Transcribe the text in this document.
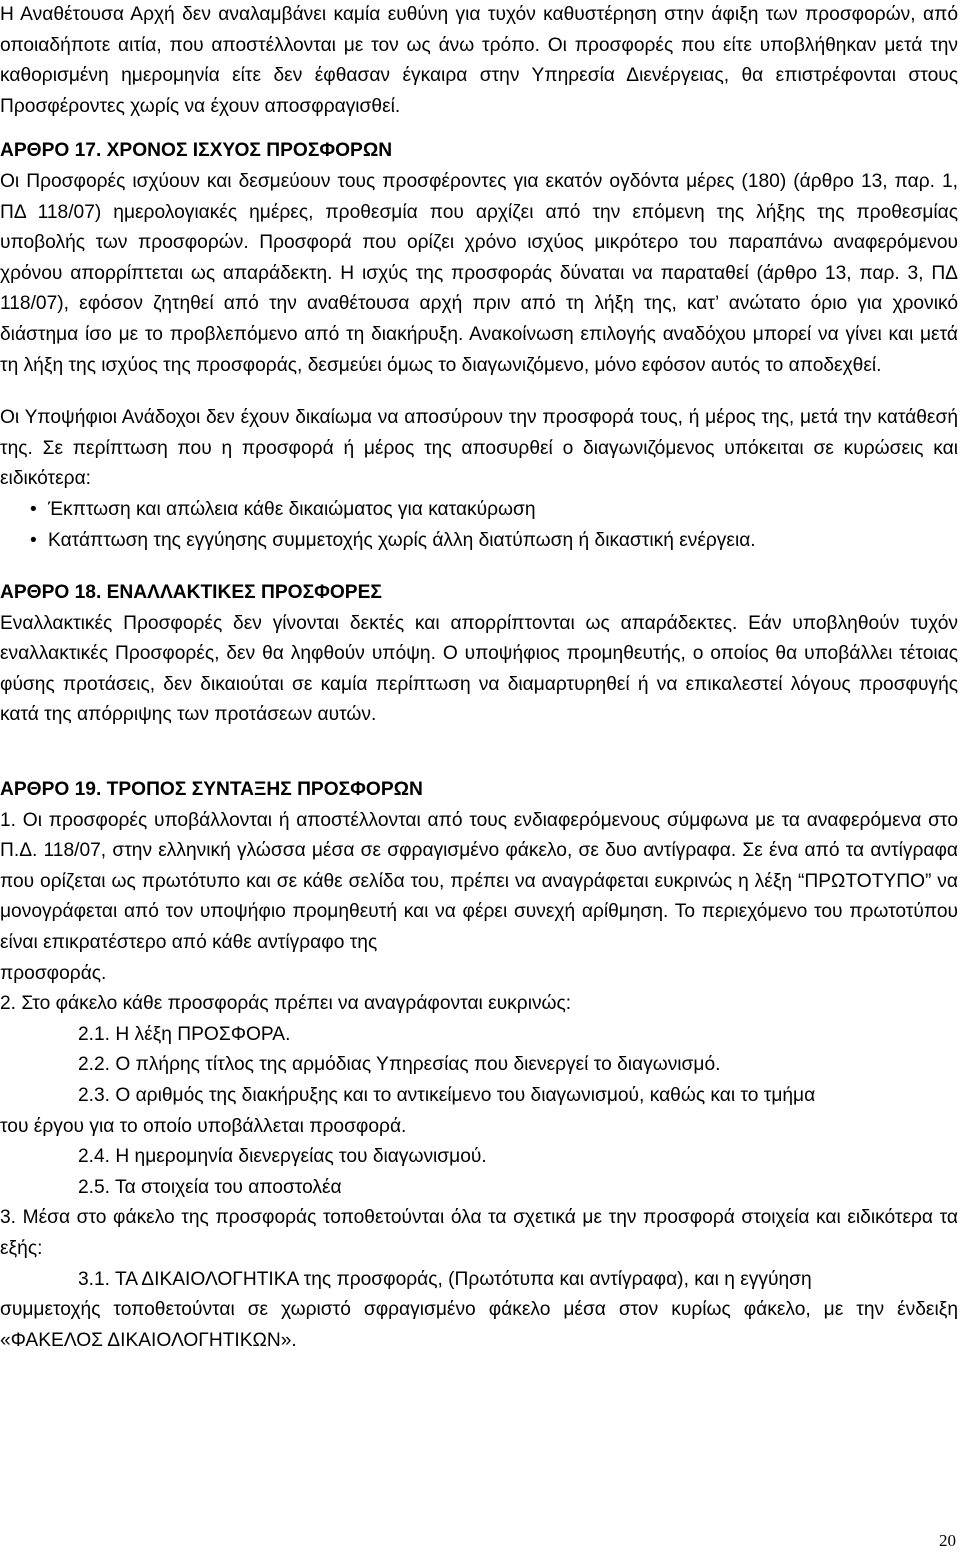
Η Αναθέτουσα Αρχή δεν αναλαμβάνει καμία ευθύνη για τυχόν καθυστέρηση στην άφιξη των προσφορών, από οποιαδήποτε αιτία, που αποστέλλονται με τον ως άνω τρόπο. Οι προσφορές που είτε υποβλήθηκαν μετά την καθορισμένη ημερομηνία είτε δεν έφθασαν έγκαιρα στην Υπηρεσία Διενέργειας, θα επιστρέφονται στους Προσφέροντες χωρίς να έχουν αποσφραγισθεί.

ΑΡΘΡΟ 17. ΧΡΟΝΟΣ ΙΣΧΥΟΣ ΠΡΟΣΦΟΡΩΝ

Οι Προσφορές ισχύουν και δεσμεύουν τους προσφέροντες για εκατόν ογδόντα μέρες (180) (άρθρο 13, παρ. 1, ΠΔ 118/07) ημερολογιακές ημέρες, προθεσμία που αρχίζει από την επόμενη της λήξης της προθεσμίας υποβολής των προσφορών. Προσφορά που ορίζει χρόνο ισχύος μικρότερο του παραπάνω αναφερόμενου χρόνου απορρίπτεται ως απαράδεκτη. Η ισχύς της προσφοράς δύναται να παραταθεί (άρθρο 13, παρ. 3, ΠΔ 118/07), εφόσον ζητηθεί από την αναθέτουσα αρχή πριν από τη λήξη της, κατ’ ανώτατο όριο για χρονικό διάστημα ίσο με το προβλεπόμενο από τη διακήρυξη. Ανακοίνωση επιλογής αναδόχου μπορεί να γίνει και μετά τη λήξη της ισχύος της προσφοράς, δεσμεύει όμως το διαγωνιζόμενο, μόνο εφόσον αυτός το αποδεχθεί.

Οι Υποψήφιοι Ανάδοχοι δεν έχουν δικαίωμα να αποσύρουν την προσφορά τους, ή μέρος της, μετά την κατάθεσή της. Σε περίπτωση που η προσφορά ή μέρος της αποσυρθεί ο διαγωνιζόμενος υπόκειται σε κυρώσεις και ειδικότερα:

• Έκπτωση και απώλεια κάθε δικαιώματος για κατακύρωση
• Κατάπτωση της εγγύησης συμμετοχής χωρίς άλλη διατύπωση ή δικαστική ενέργεια.

ΑΡΘΡΟ 18. ΕΝΑΛΛΑΚΤΙΚΕΣ ΠΡΟΣΦΟΡΕΣ

Εναλλακτικές Προσφορές δεν γίνονται δεκτές και απορρίπτονται ως απαράδεκτες. Εάν υποβληθούν τυχόν εναλλακτικές Προσφορές, δεν θα ληφθούν υπόψη. Ο υποψήφιος προμηθευτής, ο οποίος θα υποβάλλει τέτοιας φύσης προτάσεις, δεν δικαιούται σε καμία περίπτωση να διαμαρτυρηθεί ή να επικαλεστεί λόγους προσφυγής κατά της απόρριψης των προτάσεων αυτών.

ΑΡΘΡΟ 19. ΤΡΟΠΟΣ ΣΥΝΤΑΞΗΣ ΠΡΟΣΦΟΡΩΝ

1. Οι προσφορές υποβάλλονται ή αποστέλλονται από τους ενδιαφερόμενους σύμφωνα με τα αναφερόμενα στο Π.Δ. 118/07, στην ελληνική γλώσσα μέσα σε σφραγισμένο φάκελο, σε δυο αντίγραφα. Σε ένα από τα αντίγραφα που ορίζεται ως πρωτότυπο και σε κάθε σελίδα του, πρέπει να αναγράφεται ευκρινώς η λέξη “ΠΡΩΤΟΤΥΠΟ” να μονογράφεται από τον υποψήφιο προμηθευτή και να φέρει συνεχή αρίθμηση. Το περιεχόμενο του πρωτοτύπου είναι επικρατέστερο από κάθε αντίγραφο της

προσφοράς.

2. Στο φάκελο κάθε προσφοράς πρέπει να αναγράφονται ευκρινώς:

2.1. Η λέξη ΠΡΟΣΦΟΡΑ.

2.2. Ο πλήρης τίτλος της αρμόδιας Υπηρεσίας που διενεργεί το διαγωνισμό.

2.3. Ο αριθμός της διακήρυξης και το αντικείμενο του διαγωνισμού, καθώς και το τμήμα
του έργου για το οποίο υποβάλλεται προσφορά.

2.4. Η ημερομηνία διενεργείας του διαγωνισμού.

2.5. Τα στοιχεία του αποστολέα

3. Μέσα στο φάκελο της προσφοράς τοποθετούνται όλα τα σχετικά με την προσφορά στοιχεία και ειδικότερα τα εξής:

3.1. ΤΑ ΔΙΚΑΙΟΛΟΓΗΤΙΚΑ της προσφοράς, (Πρωτότυπα και αντίγραφα), και η εγγύηση
συμμετοχής τοποθετούνται σε χωριστό σφραγισμένο φάκελο μέσα στον κυρίως φάκελο, με την ένδειξη «ΦΑΚΕΛΟΣ ΔΙΚΑΙΟΛΟΓΗΤΙΚΩΝ».

20
